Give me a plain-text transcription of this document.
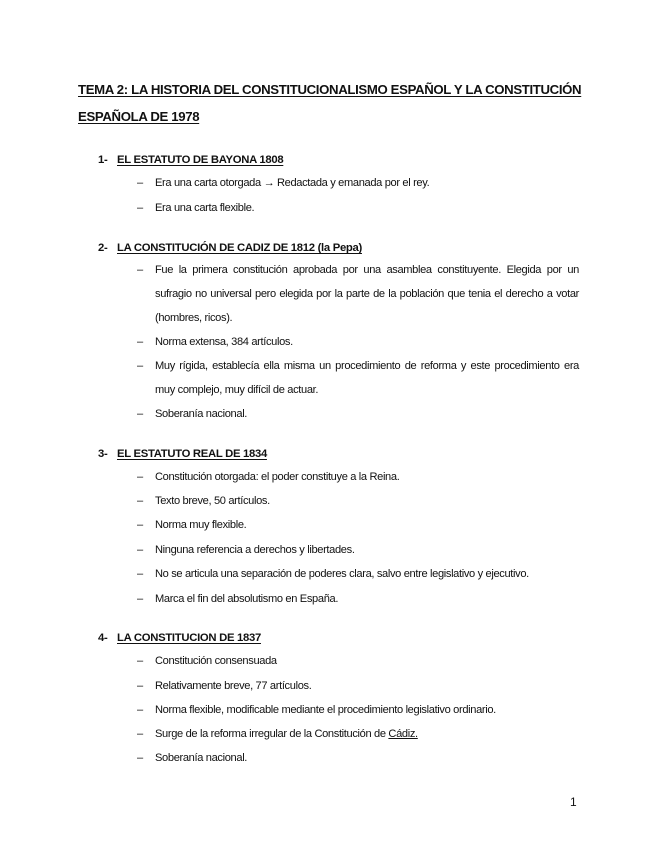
TEMA 2: LA HISTORIA DEL CONSTITUCIONALISMO ESPAÑOL Y LA CONSTITUCIÓN ESPAÑOLA DE 1978
1- EL ESTATUTO DE BAYONA 1808
– Era una carta otorgada → Redactada y emanada por el rey.
– Era una carta flexible.
2- LA CONSTITUCIÓN DE CADIZ DE 1812 (la Pepa)
– Fue la primera constitución aprobada por una asamblea constituyente. Elegida por un sufragio no universal pero elegida por la parte de la población que tenia el derecho a votar (hombres, ricos).
– Norma extensa, 384 artículos.
– Muy rígida, establecía ella misma un procedimiento de reforma y este procedimiento era muy complejo, muy difícil de actuar.
– Soberanía nacional.
3- EL ESTATUTO REAL DE 1834
– Constitución otorgada: el poder constituye a la Reina.
– Texto breve, 50 artículos.
– Norma muy flexible.
– Ninguna referencia a derechos y libertades.
– No se articula una separación de poderes clara, salvo entre legislativo y ejecutivo.
– Marca el fin del absolutismo en España.
4- LA CONSTITUCION DE 1837
– Constitución consensuada
– Relativamente breve, 77 artículos.
– Norma flexible, modificable mediante el procedimiento legislativo ordinario.
– Surge de la reforma irregular de la Constitución de Cádiz.
– Soberanía nacional.
1
